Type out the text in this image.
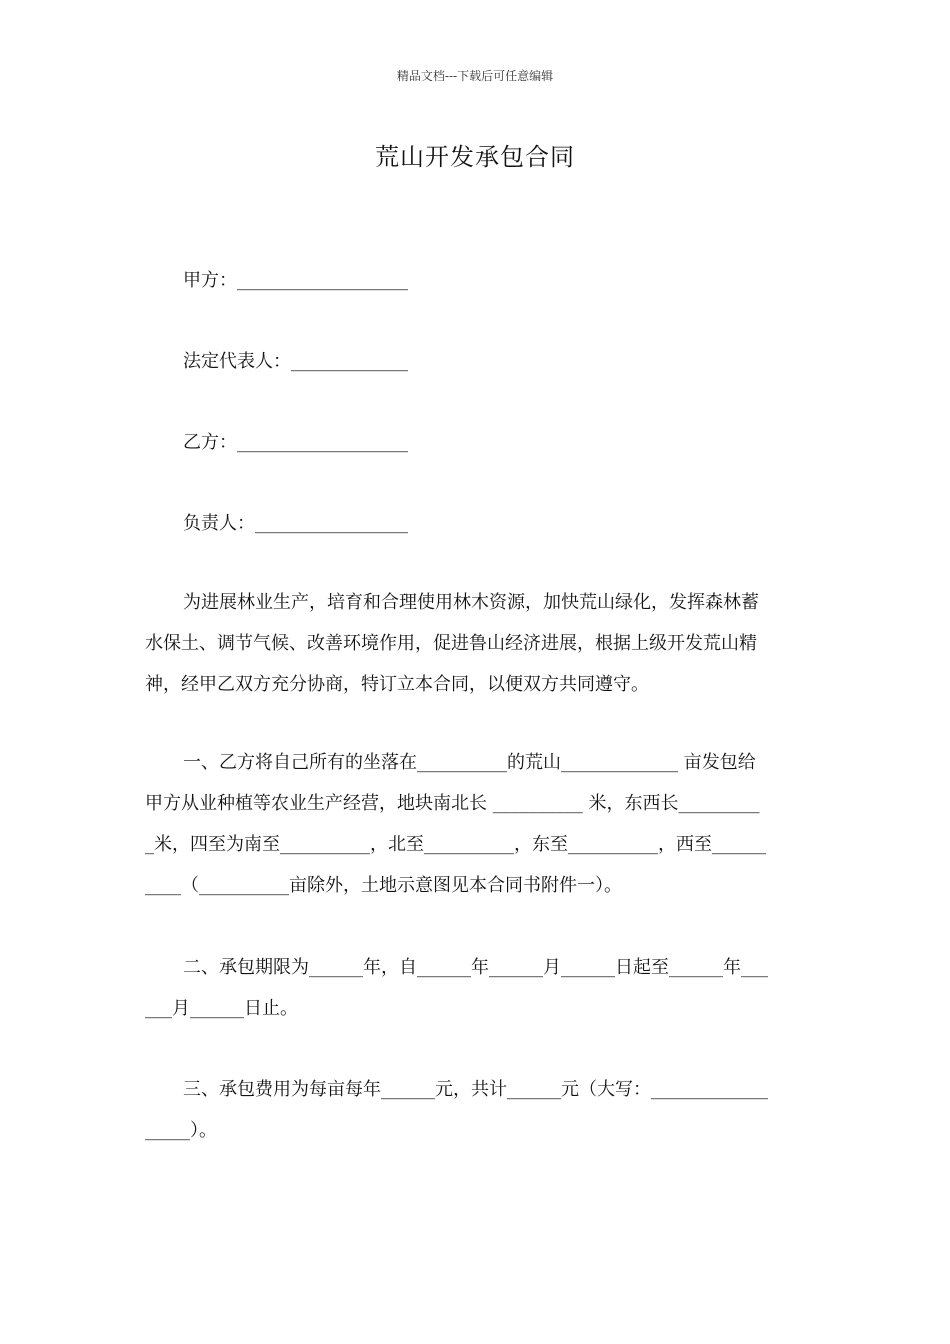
精品文档---下载后可任意编辑
荒山开发承包合同
甲方：___________________
法定代表人：_____________
乙方：___________________
负责人：_________________
为进展林业生产，培育和合理使用林木资源，加快荒山绿化，发挥森林蓄
水保土、调节气候、改善环境作用，促进鲁山经济进展，根据上级开发荒山精
神，经甲乙双方充分协商，特订立本合同，以便双方共同遵守。
一、乙方将自己所有的坐落在__________的荒山_____________ 亩发包给
甲方从业种植等农业生产经营，地块南北长 __________ 米，东西长_________
_米，四至为南至__________，北至__________，东至__________，西至______
____（__________亩除外，土地示意图见本合同书附件一）。
二、承包期限为______年，自______年______月______日起至______年___
___月______日止。
三、承包费用为每亩每年______元，共计______元（大写：_____________
_____）。
